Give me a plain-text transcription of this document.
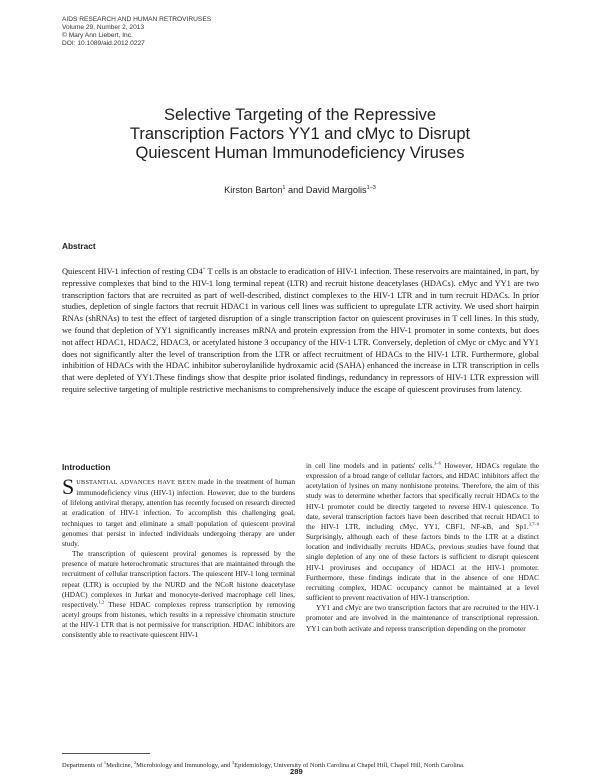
AIDS RESEARCH AND HUMAN RETROVIRUSES
Volume 29, Number 2, 2013
© Mary Ann Liebert, Inc.
DOI: 10.1089/aid.2012.0227
Selective Targeting of the Repressive
Transcription Factors YY1 and cMyc to Disrupt
Quiescent Human Immunodeficiency Viruses
Kirston Barton$^1$ and David Margolis$^{1-3}$
Abstract
Quiescent HIV-1 infection of resting CD4+ T cells is an obstacle to eradication of HIV-1 infection. These reservoirs are maintained, in part, by repressive complexes that bind to the HIV-1 long terminal repeat (LTR) and recruit histone deacetylases (HDACs). cMyc and YY1 are two transcription factors that are recruited as part of well-described, distinct complexes to the HIV-1 LTR and in turn recruit HDACs. In prior studies, depletion of single factors that recruit HDAC1 in various cell lines was sufficient to upregulate LTR activity. We used short hairpin RNAs (shRNAs) to test the effect of targeted disruption of a single transcription factor on quiescent proviruses in T cell lines. In this study, we found that depletion of YY1 significantly increases mRNA and protein expression from the HIV-1 promoter in some contexts, but does not affect HDAC1, HDAC2, HDAC3, or acetylated histone 3 occupancy of the HIV-1 LTR. Conversely, depletion of cMyc or cMyc and YY1 does not significantly alter the level of transcription from the LTR or affect recruitment of HDACs to the HIV-1 LTR. Furthermore, global inhibition of HDACs with the HDAC inhibitor suberoylanilide hydroxamic acid (SAHA) enhanced the increase in LTR transcription in cells that were depleted of YY1.These findings show that despite prior isolated findings, redundancy in repressors of HIV-1 LTR expression will require selective targeting of multiple restrictive mechanisms to comprehensively induce the escape of quiescent proviruses from latency.
Introduction

SUBSTANTIAL ADVANCES HAVE BEEN made in the treatment of human immunodeficiency virus (HIV-1) infection. However, due to the burdens of lifelong antiviral therapy, attention has recently focused on research directed at eradication of HIV-1 infection. To accomplish this challenging goal, techniques to target and eliminate a small population of quiescent proviral genomes that persist in infected individuals undergoing therapy are under study.

The transcription of quiescent proviral genomes is repressed by the presence of mature heterochromatic structures that are maintained through the recruitment of cellular transcription factors. The quiescent HIV-1 long terminal repeat (LTR) is occupied by the NURD and the NCoR histone deacetylase (HDAC) complexes in Jurkat and monocyte-derived macrophage cell lines, respectively.$^{1,2}$ These HDAC complexes repress transcription by removing acetyl groups from histones, which results in a repressive chromatin structure at the HIV-1 LTR that is not permissive for transcription. HDAC inhibitors are consistently able to reactivate quiescent HIV-1

in cell line models and in patients' cells.$^{3-6}$ However, HDACs regulate the expression of a broad range of cellular factors, and HDAC inhibitors affect the acetylation of lysines on many nonhistone proteins. Therefore, the aim of this study was to determine whether factors that specifically recruit HDACs to the HIV-1 promoter could be directly targeted to reverse HIV-1 quiescence. To date, several transcription factors have been described that recruit HDAC1 to the HIV-1 LTR, including cMyc, YY1, CBF1, NF-κB, and Sp1.$^{3,7-9}$ Surprisingly, although each of these factors binds to the LTR at a distinct location and individually recruits HDACs, previous studies have found that single depletion of any one of these factors is sufficient to disrupt quiescent HIV-1 proviruses and occupancy of HDAC1 at the HIV-1 promoter. Furthermore, these findings indicate that in the absence of one HDAC recruiting complex, HDAC occupancy cannot be maintained at a level sufficient to prevent reactivation of HIV-1 transcription.

YY1 and cMyc are two transcription factors that are recruited to the HIV-1 promoter and are involved in the maintenance of transcriptional repression. YY1 can both activate and repress transcription depending on the promoter

Departments of $^1$Medicine, $^2$Microbiology and Immunology, and $^3$Epidemiology, University of North Carolina at Chapel Hill, Chapel Hill, North Carolina.
289
